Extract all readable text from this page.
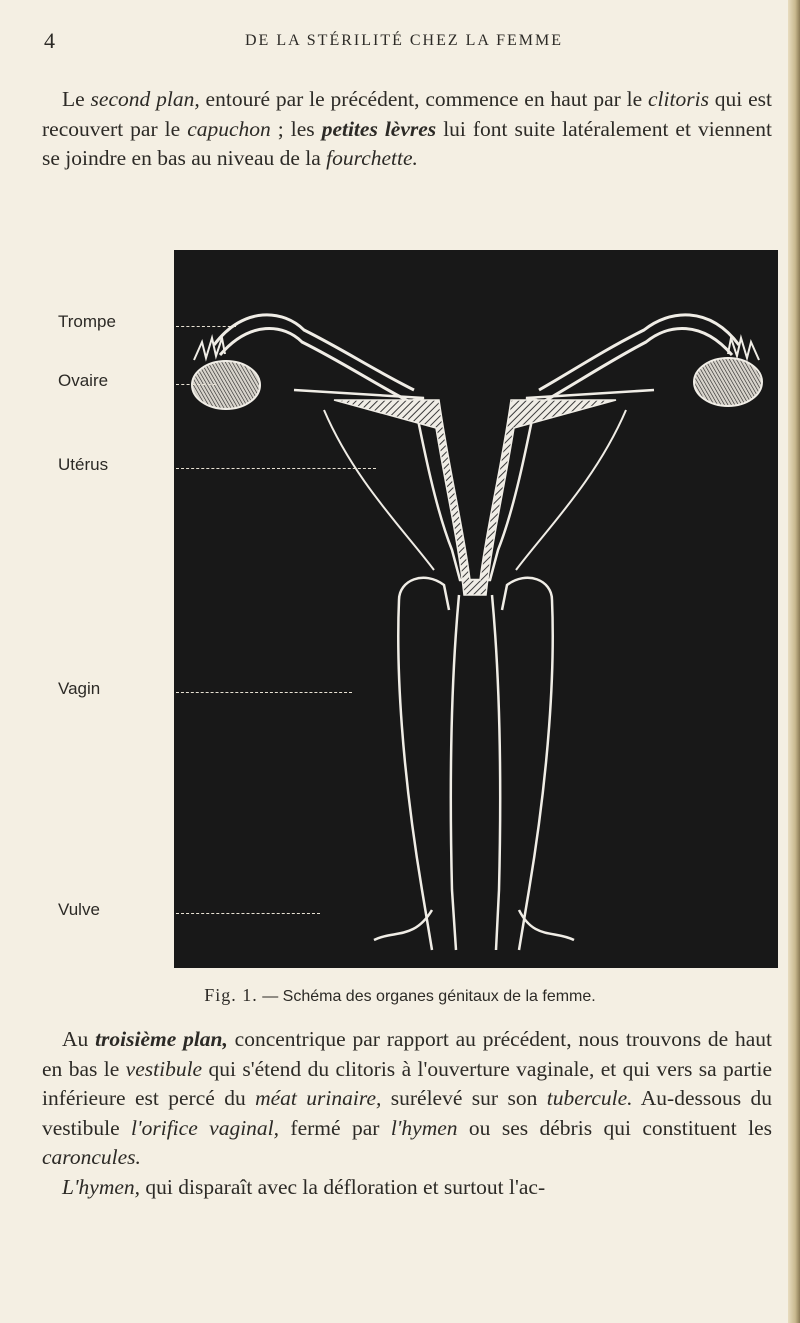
4	DE LA STÉRILITÉ CHEZ LA FEMME

Le second plan, entouré par le précédent, commence en haut par le clitoris qui est recouvert par le capuchon ; les petites lèvres lui font suite latéralement et viennent se joindre en bas au niveau de la fourchette.

Trompe
Ovaire
Utérus
Vagin
Vulve
Fig. 1. — Schéma des organes génitaux de la femme.

Au troisième plan, concentrique par rapport au précédent, nous trouvons de haut en bas le vestibule qui s'étend du clitoris à l'ouverture vaginale, et qui vers sa partie inférieure est percé du méat urinaire, surélevé sur son tubercule. Au-dessous du vestibule l'orifice vaginal, fermé par l'hymen ou ses débris qui constituent les caroncules.

L'hymen, qui disparaît avec la défloration et surtout l'ac-
